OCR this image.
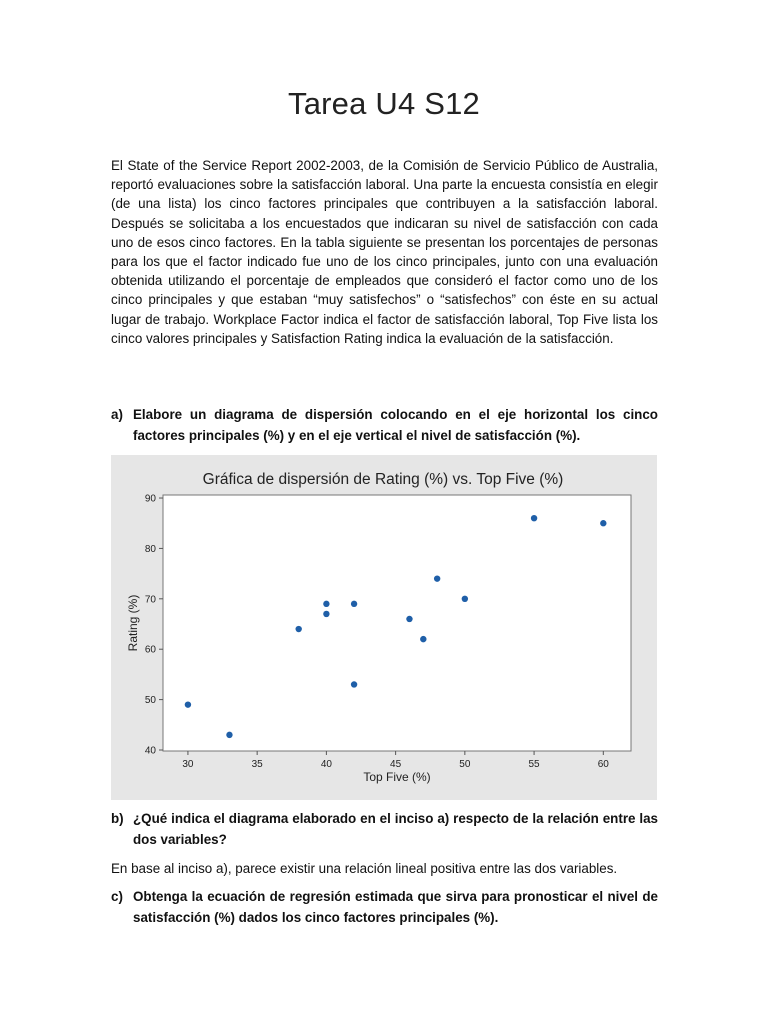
Tarea U4 S12

El State of the Service Report 2002-2003, de la Comisión de Servicio Público de Australia, reportó evaluaciones sobre la satisfacción laboral. Una parte la encuesta consistía en elegir (de una lista) los cinco factores principales que contribuyen a la satisfacción laboral. Después se solicitaba a los encuestados que indicaran su nivel de satisfacción con cada uno de esos cinco factores. En la tabla siguiente se presentan los porcentajes de personas para los que el factor indicado fue uno de los cinco principales, junto con una evaluación obtenida utilizando el porcentaje de empleados que consideró el factor como uno de los cinco principales y que estaban “muy satisfechos” o “satisfechos” con éste en su actual lugar de trabajo. Workplace Factor indica el factor de satisfacción laboral, Top Five lista los cinco valores principales y Satisfaction Rating indica la evaluación de la satisfacción.

a) Elabore un diagrama de dispersión colocando en el eje horizontal los cinco factores principales (%) y en el eje vertical el nivel de satisfacción (%).
Gráfica de dispersión de Rating (%) vs. Top Five (%)
40
50
60
70
80
90
30	35	40	45	50	55	60
Top Five (%)
Rating (%)
b) ¿Qué indica el diagrama elaborado en el inciso a) respecto de la relación entre las dos variables?
En base al inciso a), parece existir una relación lineal positiva entre las dos variables.
c) Obtenga la ecuación de regresión estimada que sirva para pronosticar el nivel de satisfacción (%) dados los cinco factores principales (%).
